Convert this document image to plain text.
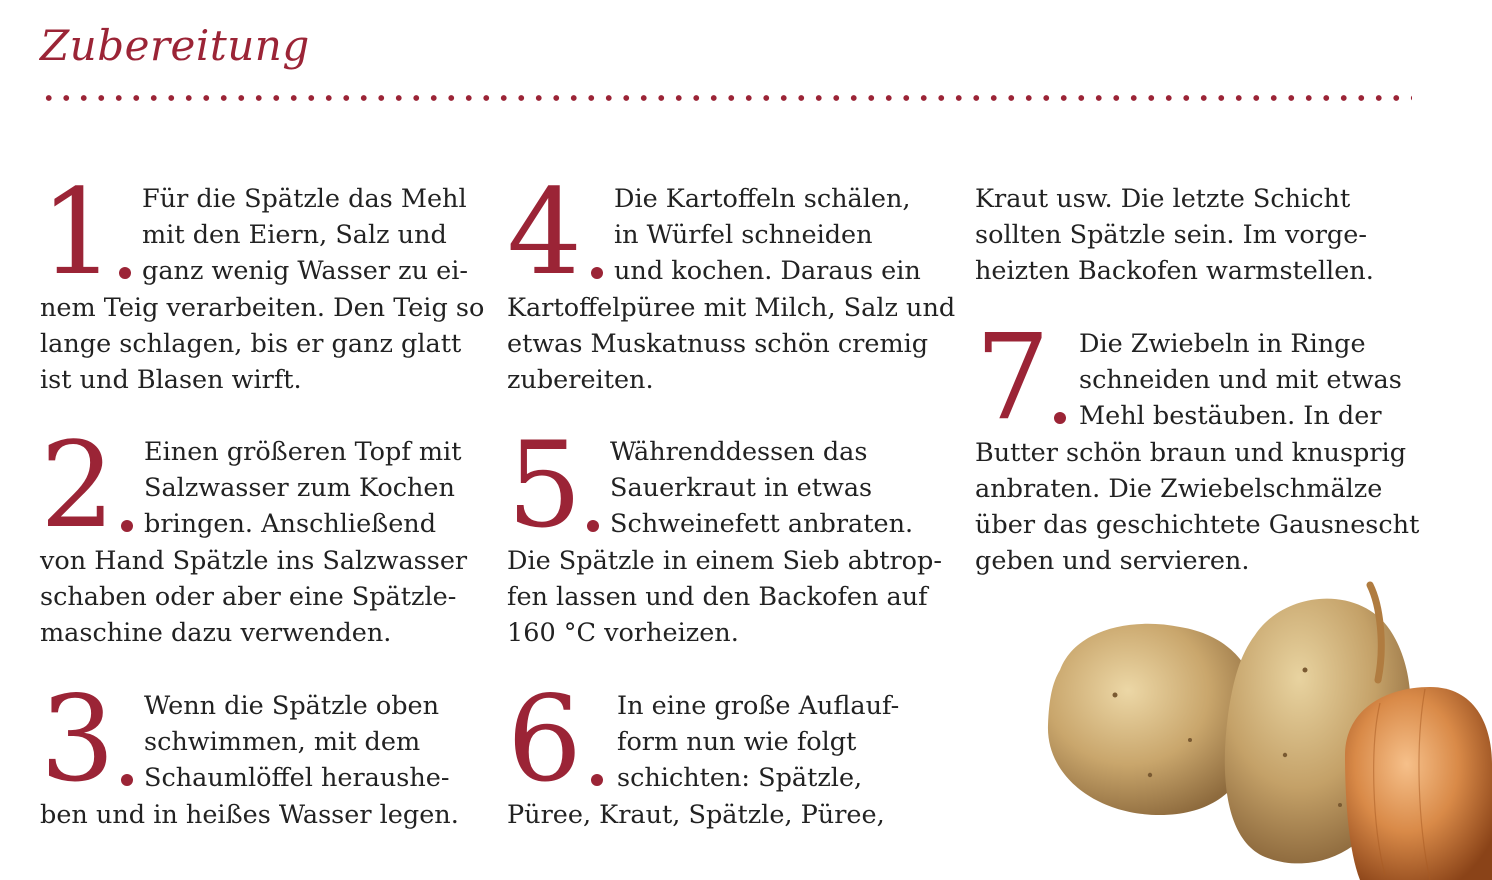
Zubereitung
1	Für die Spätzle das Mehl
mit den Eiern, Salz und
ganz wenig Wasser zu ei-
nem Teig verarbeiten. Den Teig so
lange schlagen, bis er ganz glatt
ist und Blasen wirft.
2	Einen größeren Topf mit
Salzwasser zum Kochen
bringen. Anschließend
von Hand Spätzle ins Salzwasser
schaben oder aber eine Spätzle-
maschine dazu verwenden.
3	Wenn die Spätzle oben
schwimmen, mit dem
Schaumlöffel heraushe-
ben und in heißes Wasser legen.
4	Die Kartoffeln schälen,
in Würfel schneiden
und kochen. Daraus ein
Kartoffelpüree mit Milch, Salz und
etwas Muskatnuss schön cremig
zubereiten.
5	Währenddessen das
Sauerkraut in etwas
Schweinefett anbraten.
Die Spätzle in einem Sieb abtrop-
fen lassen und den Backofen auf
160 °C vorheizen.
6	In eine große Auflauf-
form nun wie folgt
schichten: Spätzle,
Püree, Kraut, Spätzle, Püree,
Kraut usw. Die letzte Schicht
sollten Spätzle sein. Im vorge-
heizten Backofen warmstellen.
7	Die Zwiebeln in Ringe
schneiden und mit etwas
Mehl bestäuben. In der
Butter schön braun und knusprig
anbraten. Die Zwiebelschmälze
über das geschichtete Gausnescht
geben und servieren.
